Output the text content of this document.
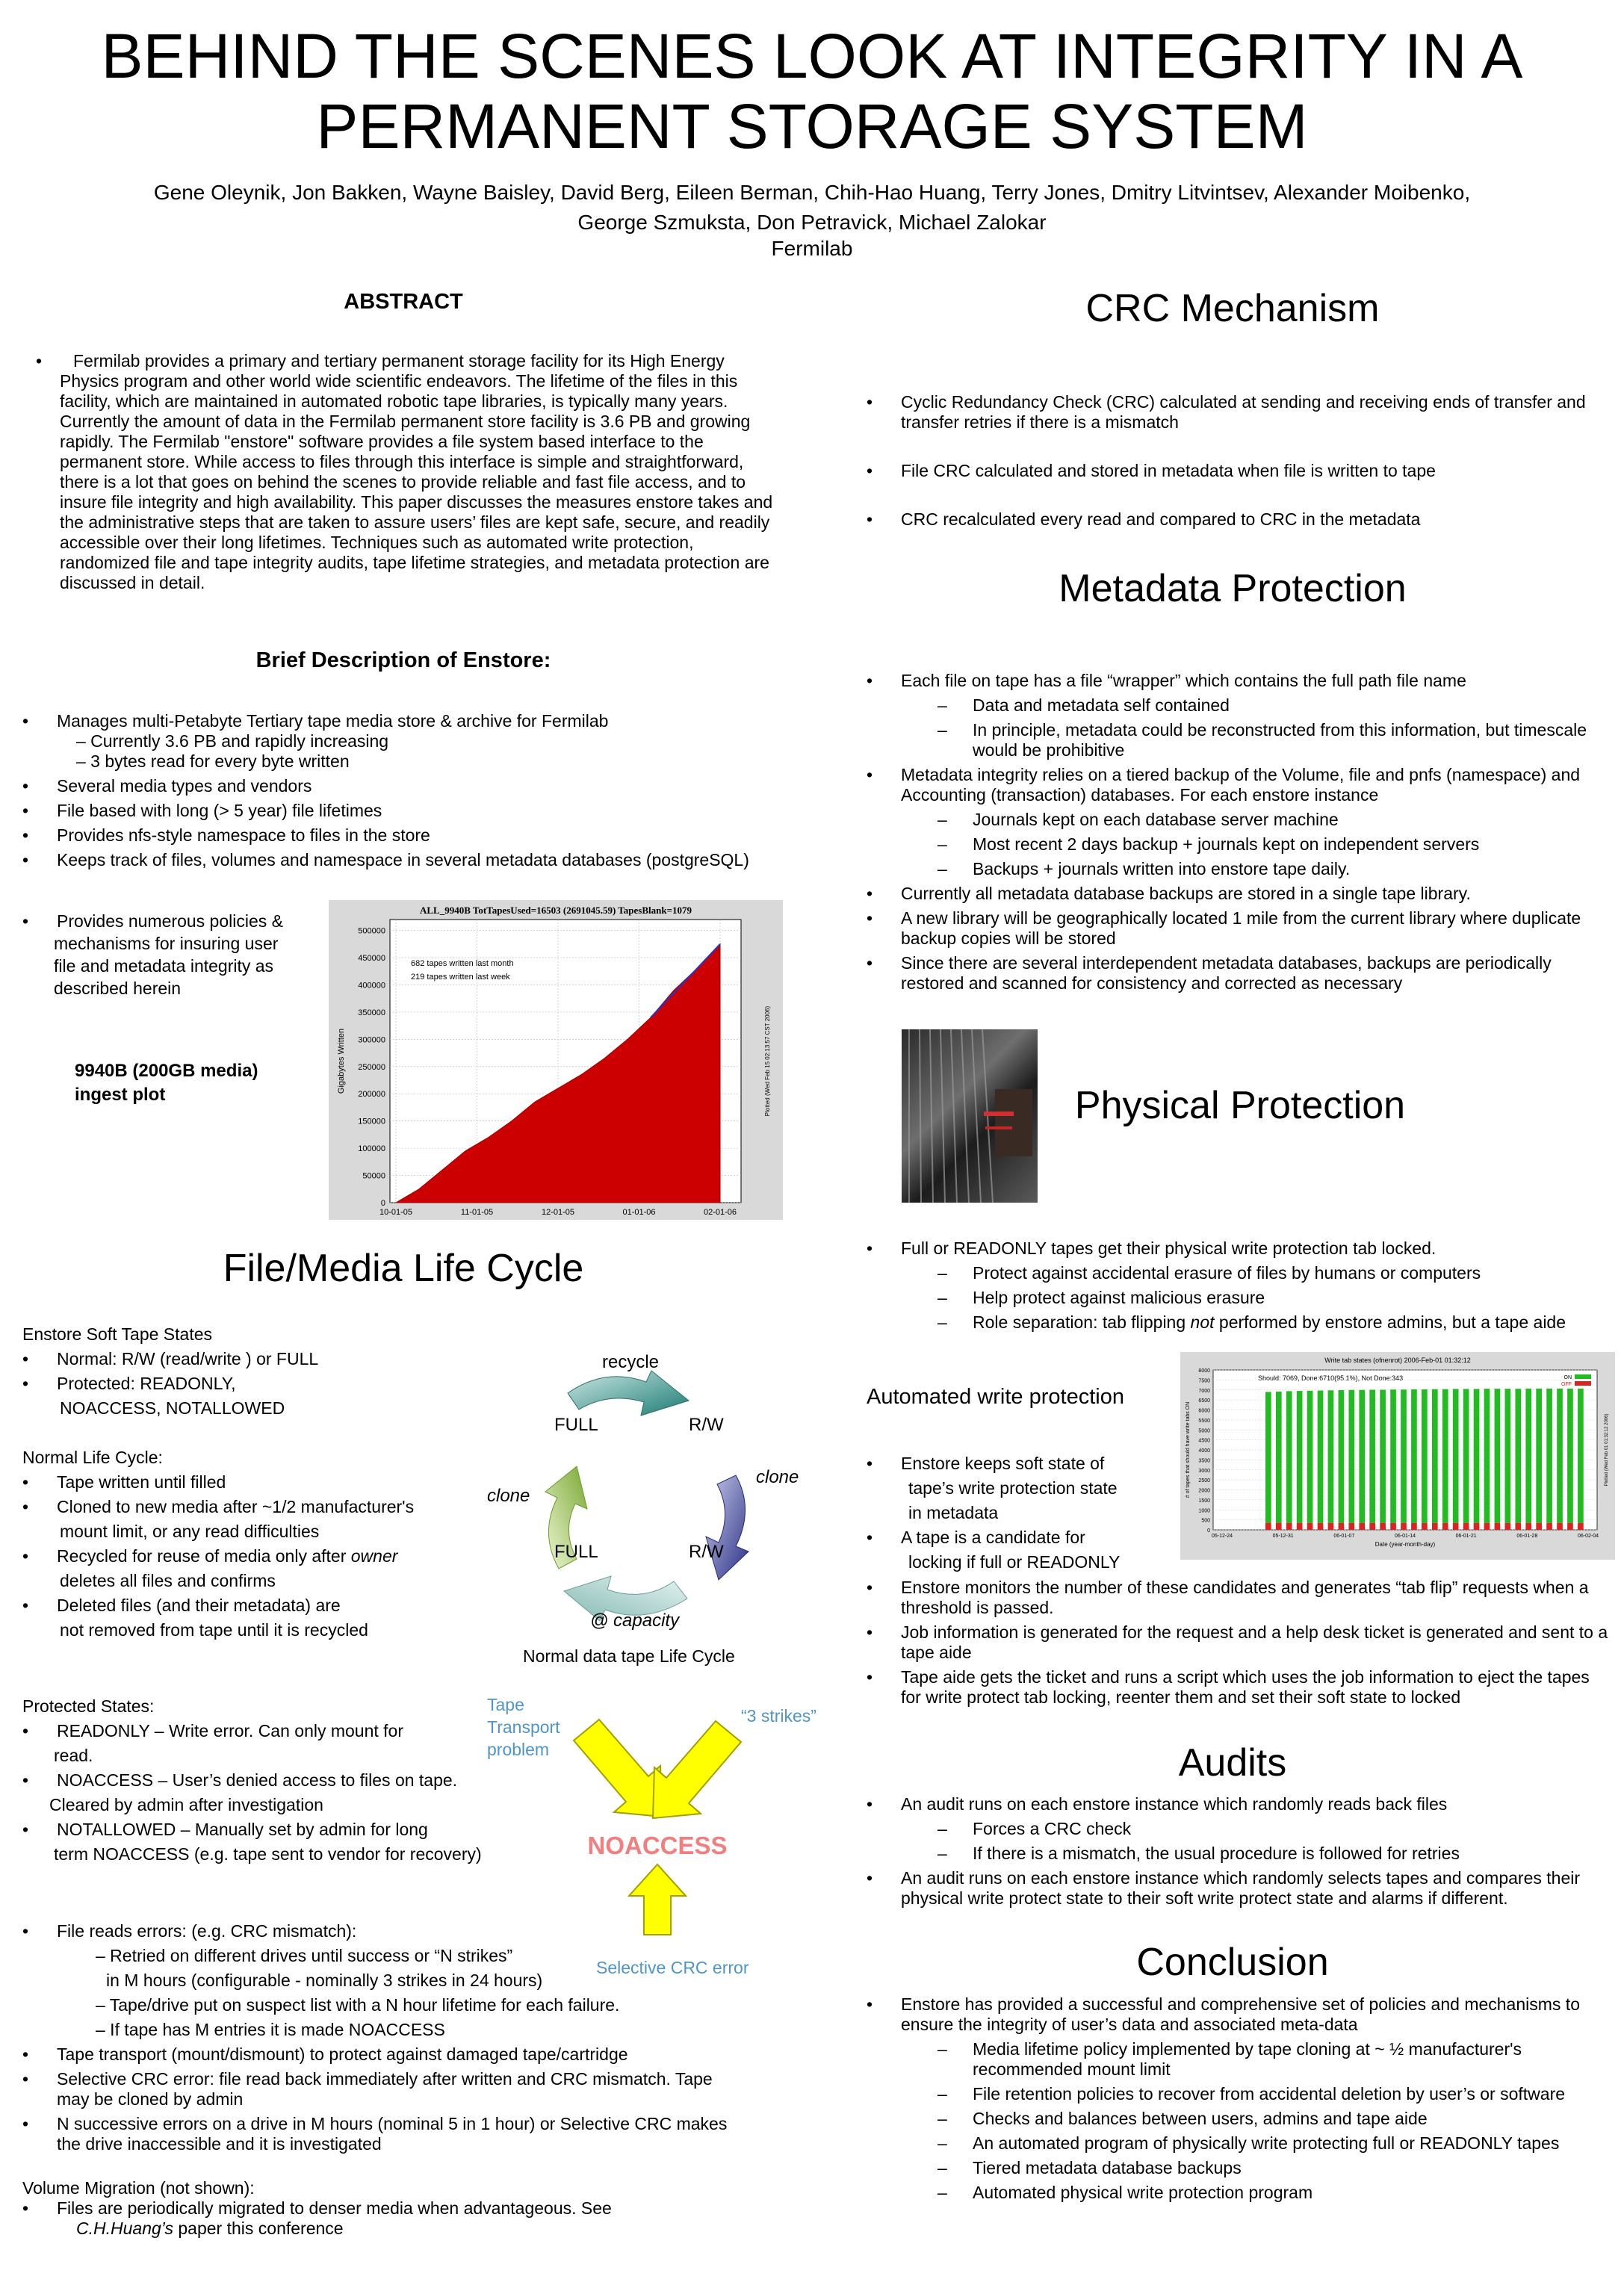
BEHIND THE SCENES LOOK AT INTEGRITY IN A
PERMANENT STORAGE SYSTEM
Gene Oleynik, Jon Bakken, Wayne Baisley, David Berg, Eileen Berman, Chih-Hao Huang, Terry Jones, Dmitry Litvintsev, Alexander Moibenko,
George Szmuksta, Don Petravick, Michael Zalokar
Fermilab
ABSTRACT
• Fermilab provides a primary and tertiary permanent storage facility for its High Energy Physics program and other world wide scientific endeavors. The lifetime of the files in this facility, which are maintained in automated robotic tape libraries, is typically many years. Currently the amount of data in the Fermilab permanent store facility is 3.6 PB and growing rapidly. The Fermilab "enstore" software provides a file system based interface to the permanent store. While access to files through this interface is simple and straightforward, there is a lot that goes on behind the scenes to provide reliable and fast file access, and to insure file integrity and high availability. This paper discusses the measures enstore takes and the administrative steps that are taken to assure users’ files are kept safe, secure, and readily accessible over their long lifetimes. Techniques such as automated write protection, randomized file and tape integrity audits, tape lifetime strategies, and metadata protection are discussed in detail.
Brief Description of Enstore:
• Manages multi-Petabyte Tertiary tape media store & archive for Fermilab
– Currently 3.6 PB and rapidly increasing
– 3 bytes read for every byte written
• Several media types and vendors
• File based with long (> 5 year) file lifetimes
• Provides nfs-style namespace to files in the store
• Keeps track of files, volumes and namespace in several metadata databases (postgreSQL)
• Provides numerous policies &
mechanisms for insuring user
file and metadata integrity as
described herein
9940B (200GB media)
ingest plot
ALL_9940B TotTapesUsed=16503 (2691045.59) TapesBlank=1079
0
50000
100000
150000
200000
250000
300000
350000
400000
450000
500000
10-01-05	11-01-05	12-01-05	01-01-06	02-01-06
682 tapes written last month
219 tapes written last week
Gigabytes Written	Plotted (Wed Feb 15 02:13:57 CST 2006)
File/Media Life Cycle
Enstore Soft Tape States
• Normal: R/W (read/write ) or FULL
• Protected: READONLY,
NOACCESS, NOTALLOWED
Normal Life Cycle:
• Tape written until filled
• Cloned to new media after ~1/2 manufacturer's
mount limit, or any read difficulties
• Recycled for reuse of media only after owner
deletes all files and confirms
• Deleted files (and their metadata) are
not removed from tape until it is recycled
recycle
FULL	R/W
clone
clone
FULL	R/W
@ capacity
Normal data tape Life Cycle
Protected States:
• READONLY – Write error. Can only mount for
read.
• NOACCESS – User’s denied access to files on tape.
Cleared by admin after investigation
• NOTALLOWED – Manually set by admin for long
term NOACCESS (e.g. tape sent to vendor for recovery)
Tape
Transport
problem
“3 strikes”
NOACCESS
Selective CRC error
• File reads errors: (e.g. CRC mismatch):
– Retried on different drives until success or “N strikes”
in M hours (configurable - nominally 3 strikes in 24 hours)
– Tape/drive put on suspect list with a N hour lifetime for each failure.
– If tape has M entries it is made NOACCESS
• Tape transport (mount/dismount) to protect against damaged tape/cartridge
• Selective CRC error: file read back immediately after written and CRC mismatch. Tape may be cloned by admin
• N successive errors on a drive in M hours (nominal 5 in 1 hour) or Selective CRC makes the drive inaccessible and it is investigated
Volume Migration (not shown):
• Files are periodically migrated to denser media when advantageous. See
C.H.Huang’s paper this conference
CRC Mechanism
• Cyclic Redundancy Check (CRC) calculated at sending and receiving ends of transfer and transfer retries if there is a mismatch
• File CRC calculated and stored in metadata when file is written to tape
• CRC recalculated every read and compared to CRC in the metadata
Metadata Protection
• Each file on tape has a file “wrapper” which contains the full path file name
– Data and metadata self contained
– In principle, metadata could be reconstructed from this information, but timescale would be prohibitive
• Metadata integrity relies on a tiered backup of the Volume, file and pnfs (namespace) and Accounting (transaction) databases. For each enstore instance
– Journals kept on each database server machine
– Most recent 2 days backup + journals kept on independent servers
– Backups + journals written into enstore tape daily.
• Currently all metadata database backups are stored in a single tape library.
• A new library will be geographically located 1 mile from the current library where duplicate backup copies will be stored
• Since there are several interdependent metadata databases, backups are periodically restored and scanned for consistency and corrected as necessary
Physical Protection
• Full or READONLY tapes get their physical write protection tab locked.
– Protect against accidental erasure of files by humans or computers
– Help protect against malicious erasure
– Role separation: tab flipping not performed by enstore admins, but a tape aide
Automated write protection
• Enstore keeps soft state of
tape’s write protection state
in metadata
• A tape is a candidate for
locking if full or READONLY
• Enstore monitors the number of these candidates and generates “tab flip” requests when a threshold is passed.
• Job information is generated for the request and a help desk ticket is generated and sent to a tape aide
• Tape aide gets the ticket and runs a script which uses the job information to eject the tapes for write protect tab locking, reenter them and set their soft state to locked
Write tab states (ofnenrot) 2006-Feb-01 01:32:12
Should: 7069, Done:6710(95.1%), Not Done:343
0
500
1000
1500
2000
2500
3000
3500
4000
4500
5000
5500
6000
6500
7000
7500
8000
05-12-24	05-12-31	06-01-07	06-01-14	06-01-21	06-01-28	06-02-04
Date (year-month-day)
# of tapes that should have write tabs ON	Plotted (Wed Feb 01 01:32:12 2006)
ON
OFF
Audits
• An audit runs on each enstore instance which randomly reads back files
– Forces a CRC check
– If there is a mismatch, the usual procedure is followed for retries
• An audit runs on each enstore instance which randomly selects tapes and compares their physical write protect state to their soft write protect state and alarms if different.
Conclusion
• Enstore has provided a successful and comprehensive set of policies and mechanisms to ensure the integrity of user’s data and associated meta-data
– Media lifetime policy implemented by tape cloning at ~ ½ manufacturer's recommended mount limit
– File retention policies to recover from accidental deletion by user’s or software
– Checks and balances between users, admins and tape aide
– An automated program of physically write protecting full or READONLY tapes
– Tiered metadata database backups
– Automated physical write protection program
